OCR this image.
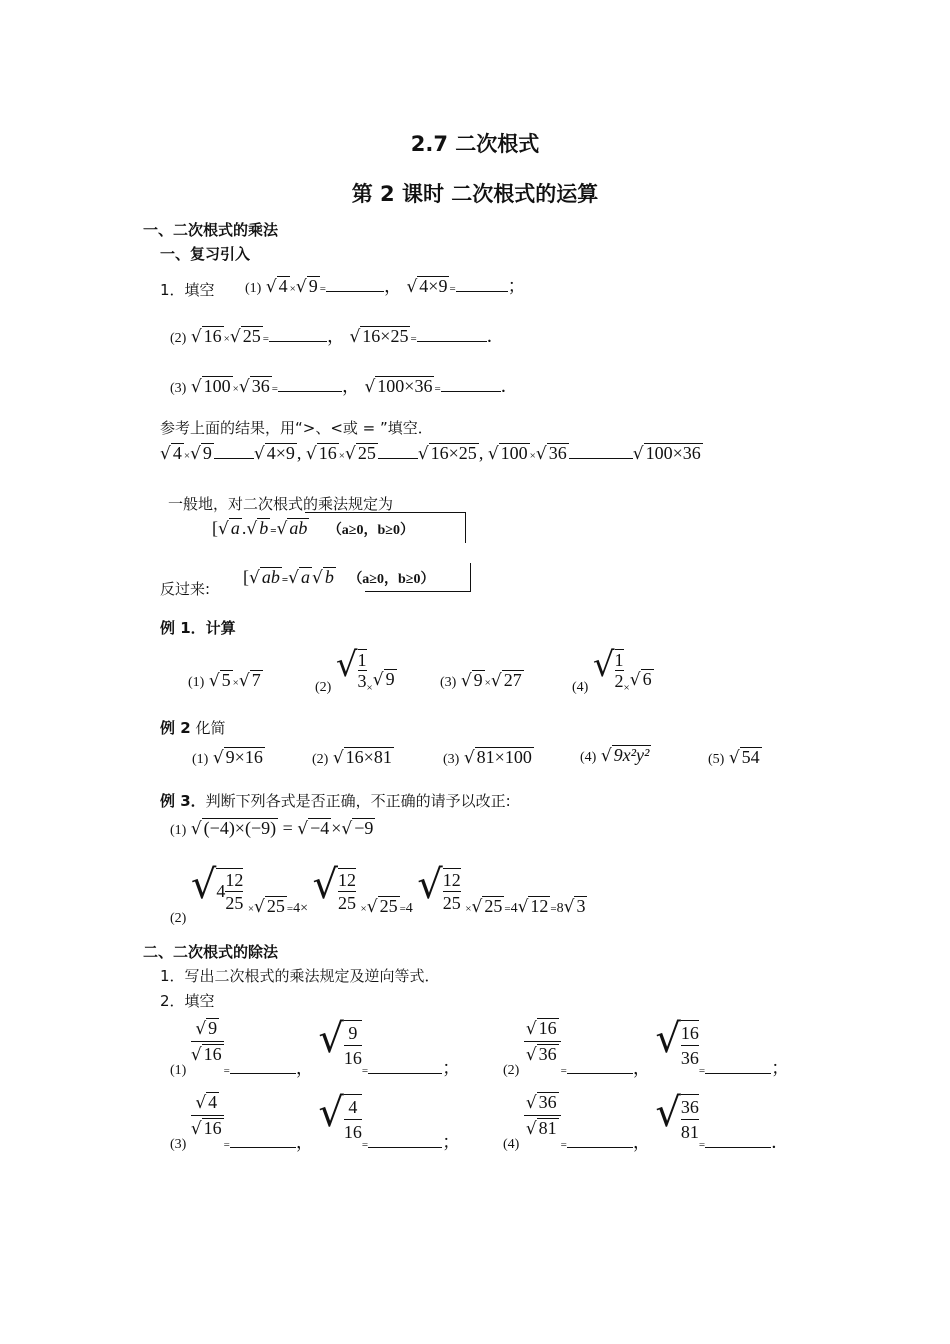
2.7 二次根式
第 2 课时 二次根式的运算
一、二次根式的乘法
一、复习引入
1．填空 (1) √ 4 ×√ 9 =	， √ 4×9 =	；
(2) √ 16 ×√ 25 =	， √ 16×25 =	．
(3) √ 100 ×√ 36 =	， √ 100×36 =	．
参考上面的结果，用“>、<或 = ”填空．
√ 4 ×√ 9 √ 4×9 , √ 16 ×√ 25 √ 16×25 , √ 100 ×√ 36	√ 100×36
一般地，对二次根式的乘法规定为
[√ a .√ b =√ ab （a≥0，b≥0）
反过来:
[√ ab =√ a √ b （a≥0，b≥0）
例 1．计算
(1) √ 5 ×√ 7	$_{(2)}$ √ $\frac{1}{3} _\times√$ 9	(3) √ 9 ×√ 27	$_{(4)}$ √ $\frac{1}{2} _\times√$ 6
例 2 化简
(1) √ 9×16	(2) √ 16×81	(3) √ 81×100	(4) √ 9x²y²	(5) √ 54
例 3．判断下列各式是否正确，不正确的请予以改正:
(1) √ (−4)×(−9) = √ −4 ×√ −9
$_{(2)}$ $√4 \frac{12}{25}$ ×√ 25 =4× √ $\frac{12}{25}$ ×√ 25 =4 √ $\frac{12}{25}$ ×√ 25 =4√ 12 =8√ 3
二、二次根式的除法
1．写出二次根式的乘法规定及逆向等式．
2．填空
$_{(1)}$
$\frac{√ 9}{√ 16}$
=	， √ $\frac{9}{16}$
=	；	$_{(2)}$
$\frac{√ 16}{√ 36}$
=	， √ $\frac{16}{36}$
=	；
$_{(3)}$
$\frac{√ 4}{√ 16}$
=	， √ $\frac{4}{16}$
=	；	$_{(4)}$
$\frac{√ 36}{√ 81}$
=	， √ $\frac{36}{81}$
=	．
